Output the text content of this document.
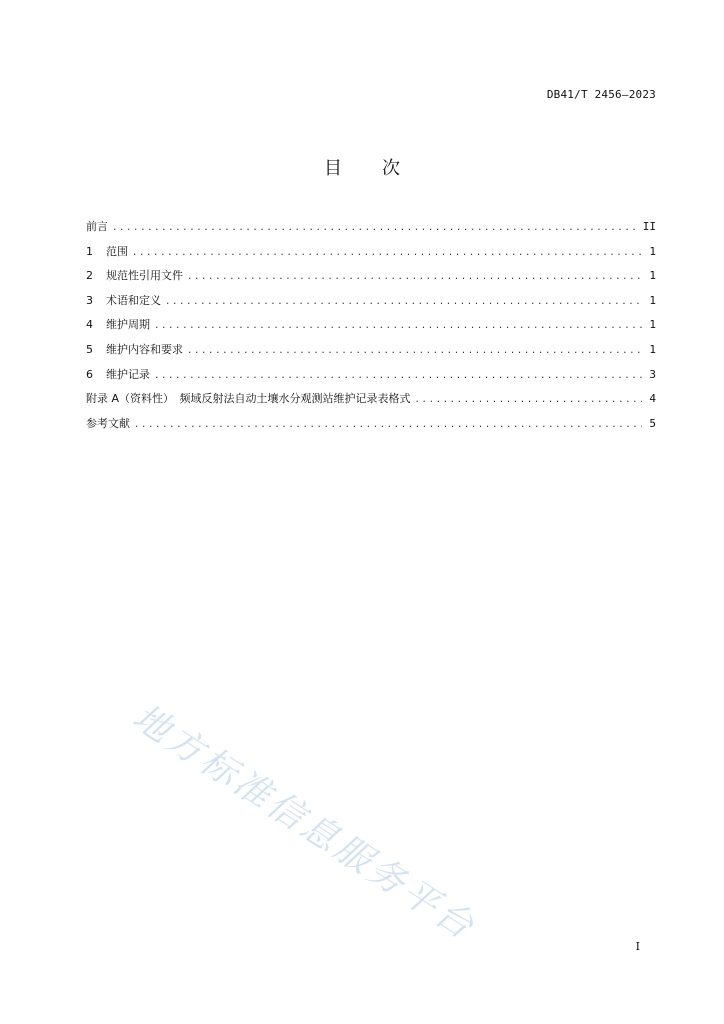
DB41/T 2456—2023
目 次
前言 .....	II
1	范围 .....	1
2	规范性引用文件 .....	1
3	术语和定义 .....	1
4	维护周期 .....	1
5	维护内容和要求 .....	1
6	维护记录 .....	3
附录 A（资料性）　频域反射法自动土壤水分观测站维护记录表格式 .....	4
参考文献 .....	5
地方标准信息服务平台	I
